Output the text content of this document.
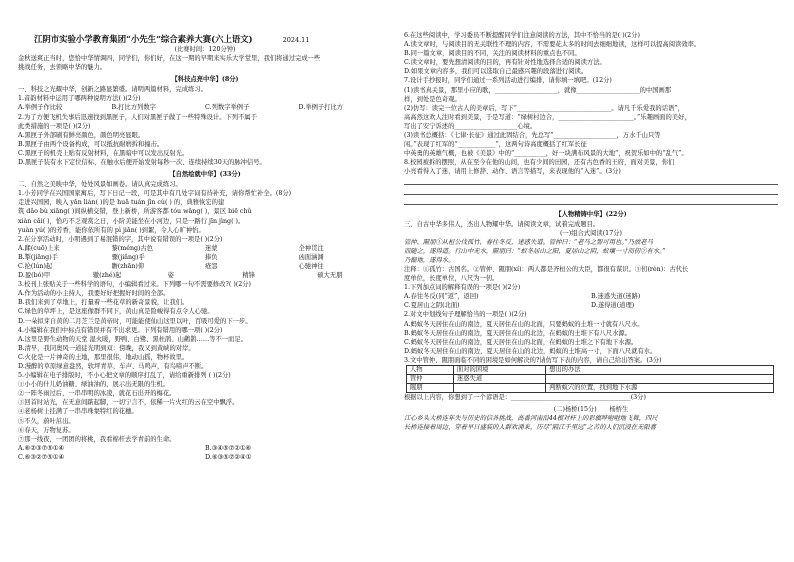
江阴市实验小学教育集团“小先生”综合素养大赛(六上语文)	2024.11
(比赛时间：120分钟)
金秋送爽正当时，您恰中华情调四，同学们，你们好，在这一期的早期来实乐大学堂里，我们将通过完成一些
挑战任务，去领略中华的魅力。
【科技点亮中华】(8分)
一、科技之光耀中华，创新之路显繁盛。请明两篇材料，完成练习。
1.音韵材料中运用了哪两种说明方法( )(2分)
A.举例子作比较	B.打比方列数字	C.列数字举例子	D.举例子打比方
2.为了方便飞机失事后迅速找到黑匣子，人们对黑匣子做了一些特殊设计。下列不属于
此类措施的一项是( )(2分)
A.黑匣子外部刷有鲜亮颜色，颜色明亮显眼。
B.黑匣子由两个设备构成，可以抵抗耐磨拆和撞击。
C.黑匣子的机壳上贴有反射材料，在黑暗中可以发出反射光。
D.黑匣子装有水下定位信标，在触水后便开始发射每秒一次、连续持续30天的脉冲信号。
【自然绘就中华】(33分)
二、自然之美映中华，处处风景如画卷。请认真完成练习。
1.小芳同学在兴国国家寓后，写下日记一段，可是其中有几处字词有待补充，请你帮忙补全。(8分)
走进兴国园，映入 yǎn lián( )的是 huā tuán jǐn cù( ) 的，典雅恢宏的建
筑 dǎo bù xiāng( )间纵横交错，登上新桥，所游客都 tóu wǎng( )，景区 biē chǔ
xiàn cǎi( )，恰巧不乏观赏之日，小阶美能坐在小河边，只是一路行 jīn jìng( )。
yuàn yú( )的芳香，能你依所有的 pì jiǎn( )到絮，令人心旷神怡。
2.在分享活动时，小明遇到了易混错的字，其中说有错误的一项是( )(2分)
A.蹂(cuō)上来	黎(méng)古色	迷蒙	全神贯注
B.掣(jiāng)手	骤(jiǎng)乎	捧负	凶面涵渊
C.抡(lún)起	瞻(zhān)仰	疮怨	心驰神往
D.盈(bó)甲	辙(zhé)起	姿	精锋	硕大无朋
3.校刊上张贴关于一些科学的语句，小编辑看过来。下列哪一句不需要修改?( )(2分)
A.作为活动的小主持人，我要好好把握好时间的全部。
B.我们来到了草地上，打量着一些花草的新奇景貌，让我们。
C.绿色的草坪上，是这座像群不同下，黄山真是险峻得有点令人心驰。
D.一朵拟芽自黄的二月芝兰是黄帝时，可能能使仙山这里以叶，百吸可爱的下一步。
4.小编辑在我们中标点有错误并有不出求更。下列有错用的哪一项( )(2分)
A.这里是野生动物的天堂 湿火暖，野鸭、白鹭、黑杜鹃、山鹳鹊……等不一而足。
B.清早，我同奥风一道徒光明到双：傍晚，我又到黄峡的对岸。
C.火化是一片神奇的土地，那里很伟，地动山摇，物杯故里。
D.漫醉的草原绿意盎然，软坪青草，车声、马鸣声，有鸟啼声不断。
5.小编辑在电子排版时，不小心把文章的顺序打乱了，请给重新排列 ( )(2分)
①小小的什儿奶油糖、绿油油的，展示出无限的生机。
②一阵冬雨过后，一串串明的冰凌，就花石出开的梅花。
③回首时站光，在无意间踮起脚，一切宁言不，依稀一片火红的云在空中飘浮。
④老杨树上挂满了一串串珠粲特红的花穗。
⑤不久，蔚叶茁出。
⑥春天，万物复苏。
⑦那一线夜，一团团的将桃，我看棉杆去学青前的生命。
A.⑥②③⑦⑤①④	B.③④⑤⑦②①⑥
C.⑥③②⑦⑤①④	D.⑥③⑤⑦②④①
6.在这些阅读中，学习委员不断提醒同学们注意阅读的方法，其中不恰当的是( )(2分)
A.读文章时，与阅读目的无关联性不理的内容，不需要花太多的时间去细细地读，这样可以提高阅读效率。
B.同一篇文章，阅读目的不同，关注的阅读材料的重点也不同。
C.读文章时，要先想清阅读的目的，再有针对性地选择合适的阅读方法。
D.如果文章内容多，我们可以选取自己最感兴趣的段落进行阅读。
7.设计手抄报时，同学们通过一系列活动进行编排，请你填一填吧。(12分)
(1)读书真关景，那里小应的歌，____________________，就像____________________的中国画那
样，到处是色奇观。
(2)仿写：读完一位古人的美章后，写下“______________________________。请凡千乐爱我的话语”，
高高然这欢人注时看到美景，于是写道：“绿树村边合，________________________。”乐趣画面的美好，
写出了安宁诉述的____________________心境。
(3)读书总概括：《七律·长征》通过此固结合，先总写“____________________，万水千山只等
闲。”表现了红军的“____________”，这两句诗高度概括了红军长征
中英勇的英雄气概，也被《美景》中的“__________，好一块满布风景的大地”，祝贺乐如中的“乱气”。
8.校园被拆的摆照，从在至今在他的山间，也有少间的田园，还有古色香的王府，面对美景，你们
小亮看得入了迷，请用上修辞、动作、语言等描写，来表现他的“入迷”。(3分)
【人物精铸中华】(22分)
三、自古中华多伟人，杰出人物耀中华。请阅读文章，试着完成题目。
(一)组合式阅读(17分)
管仲、隰朋①从桓公伐孤竹，春往冬反，迷惑失道。管仲曰：“老马之智可用也。”乃放老马
而随之，遂得道。行山中无水，隰朋曰：“蚁冬居山之阳，夏居山之阴，蚁壤一寸而仞②有水。”
乃掘地，遂得水。
注释：①孤竹：古国名。②管仲、隰朋(xí)：两人都是齐桓公的大臣，都很有谋识。③仞(rèn)：古代长
度单位，长度单位，八尺为一仞。
1.下列加点词的解释有误的一项是( )(2分)
A.春往冬反(同“返”，返回)	B.迷惑失道(迷路)
C.夏居山之阴(北面)	D.遂得道(道理)
2.对文中划线句子理解恰当的一项是( )(2分)
A.蚂蚁冬天居住在山的南边，夏天居住在山的北面，只要蚂蚁的土堆一寸就有八尺水。
B.蚂蚁冬天居住在山的南边，夏天居住在山的北边，在蚂蚁的土堆下有八尺水源。
C.蚂蚁冬天居住在山的南边，夏天居住在山的北面，在蚂蚁的土堆之下有地下水源。
D.蚂蚁冬天居住在山的南边，夏天居住在山的北边，蚂蚁的土堆高一寸，下面八尺就有水。
3.文中管仲、隰朋面临不同的困境是如何解决的?请仿写下表的内容，请自己给出答案。(3分)
人物	面对的困境	想出的办法
管仲	迷惑失道	
隰朋		判断蚁穴的位置，找到地下水源
根据以上内容，你想到了一个谚语是：______________________________________(3分)
(二)杨桥(15分)　　杨桥生
江心乡头大桥连年失与历史的信各挑战，高番河南沿44根对杆上的彩旗哗啦啦地飞舞，四尺
长桥连接着周边，穿着早日盛装的人群欢涌来，历尽“隔江千里远”之苦的人们沉浸在无限喜
